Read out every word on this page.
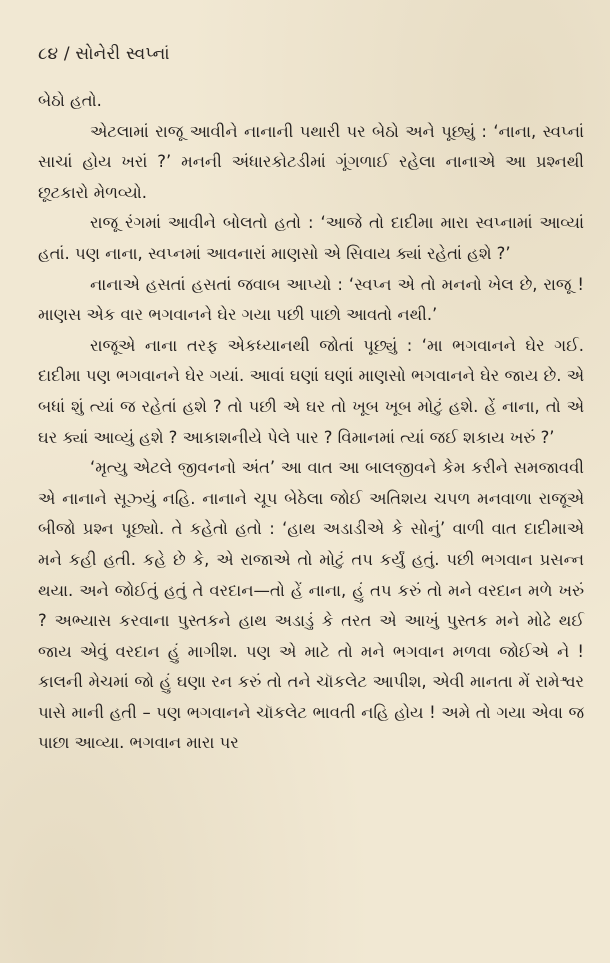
૮૪ / સોનેરી સ્વપ્નાં

બેઠો હતો.

એટલામાં રાજૂ આવીને નાનાની પથારી પર બેઠો અને પૂછ્યું : ‘નાના, સ્વપ્નાં સાચાં હોય ખરાં ?’ મનની અંધારકોટડીમાં ગૂંગળાઈ રહેલા નાનાએ આ પ્રશ્નથી છૂટકારો મેળવ્યો.

રાજૂ રંગમાં આવીને બોલતો હતો : ‘આજે તો દાદીમા મારા સ્વપ્નામાં આવ્યાં હતાં. પણ નાના, સ્વપ્નમાં આવનારાં માણસો એ સિવાય ક્યાં રહેતાં હશે ?’

નાનાએ હસતાં હસતાં જવાબ આપ્યો : ‘સ્વપ્ન એ તો મનનો ખેલ છે, રાજૂ ! માણસ એક વાર ભગવાનને ઘેર ગયા પછી પાછો આવતો નથી.’

રાજૂએ નાના તરફ એકધ્યાનથી જોતાં પૂછ્યું : ‘મા ભગવાનને ઘેર ગઈ. દાદીમા પણ ભગવાનને ઘેર ગયાં. આવાં ઘણાં ઘણાં માણસો ભગવાનને ઘેર જાય છે. એ બધાં શું ત્યાં જ રહેતાં હશે ? તો પછી એ ઘર તો ખૂબ ખૂબ મોટું હશે. હેં નાના, તો એ ઘર ક્યાં આવ્યું હશે ? આકાશનીયે પેલે પાર ? વિમાનમાં ત્યાં જઈ શકાય ખરું ?’

‘મૃત્યુ એટલે જીવનનો અંત’ આ વાત આ બાલજીવને કેમ કરીને સમજાવવી એ નાનાને સૂઝ્યું નહિ. નાનાને ચૂપ બેઠેલા જોઈ અતિશય ચપળ મનવાળા રાજૂએ બીજો પ્રશ્ન પૂછ્યો. તે કહેતો હતો : ‘હાથ અડાડીએ કે સોનું’ વાળી વાત દાદીમાએ મને કહી હતી. કહે છે કે, એ રાજાએ તો મોટું તપ કર્યું હતું. પછી ભગવાન પ્રસન્ન થયા. અને જોઈતું હતું તે વરદાન—તો હેં નાના, હું તપ કરું તો મને વરદાન મળે ખરું ? અભ્યાસ કરવાના પુસ્તકને હાથ અડાડું કે તરત એ આખું પુસ્તક મને મોઢે થઈ જાય એવું વરદાન હું માગીશ. પણ એ માટે તો મને ભગવાન મળવા જોઈએ ને ! કાલની મેચમાં જો હું ઘણા રન કરું તો તને ચૉકલેટ આપીશ, એવી માનતા મેં રામેશ્વર પાસે માની હતી – પણ ભગવાનને ચૉકલેટ ભાવતી નહિ હોય ! અમે તો ગયા એવા જ પાછા આવ્યા. ભગવાન મારા પર
